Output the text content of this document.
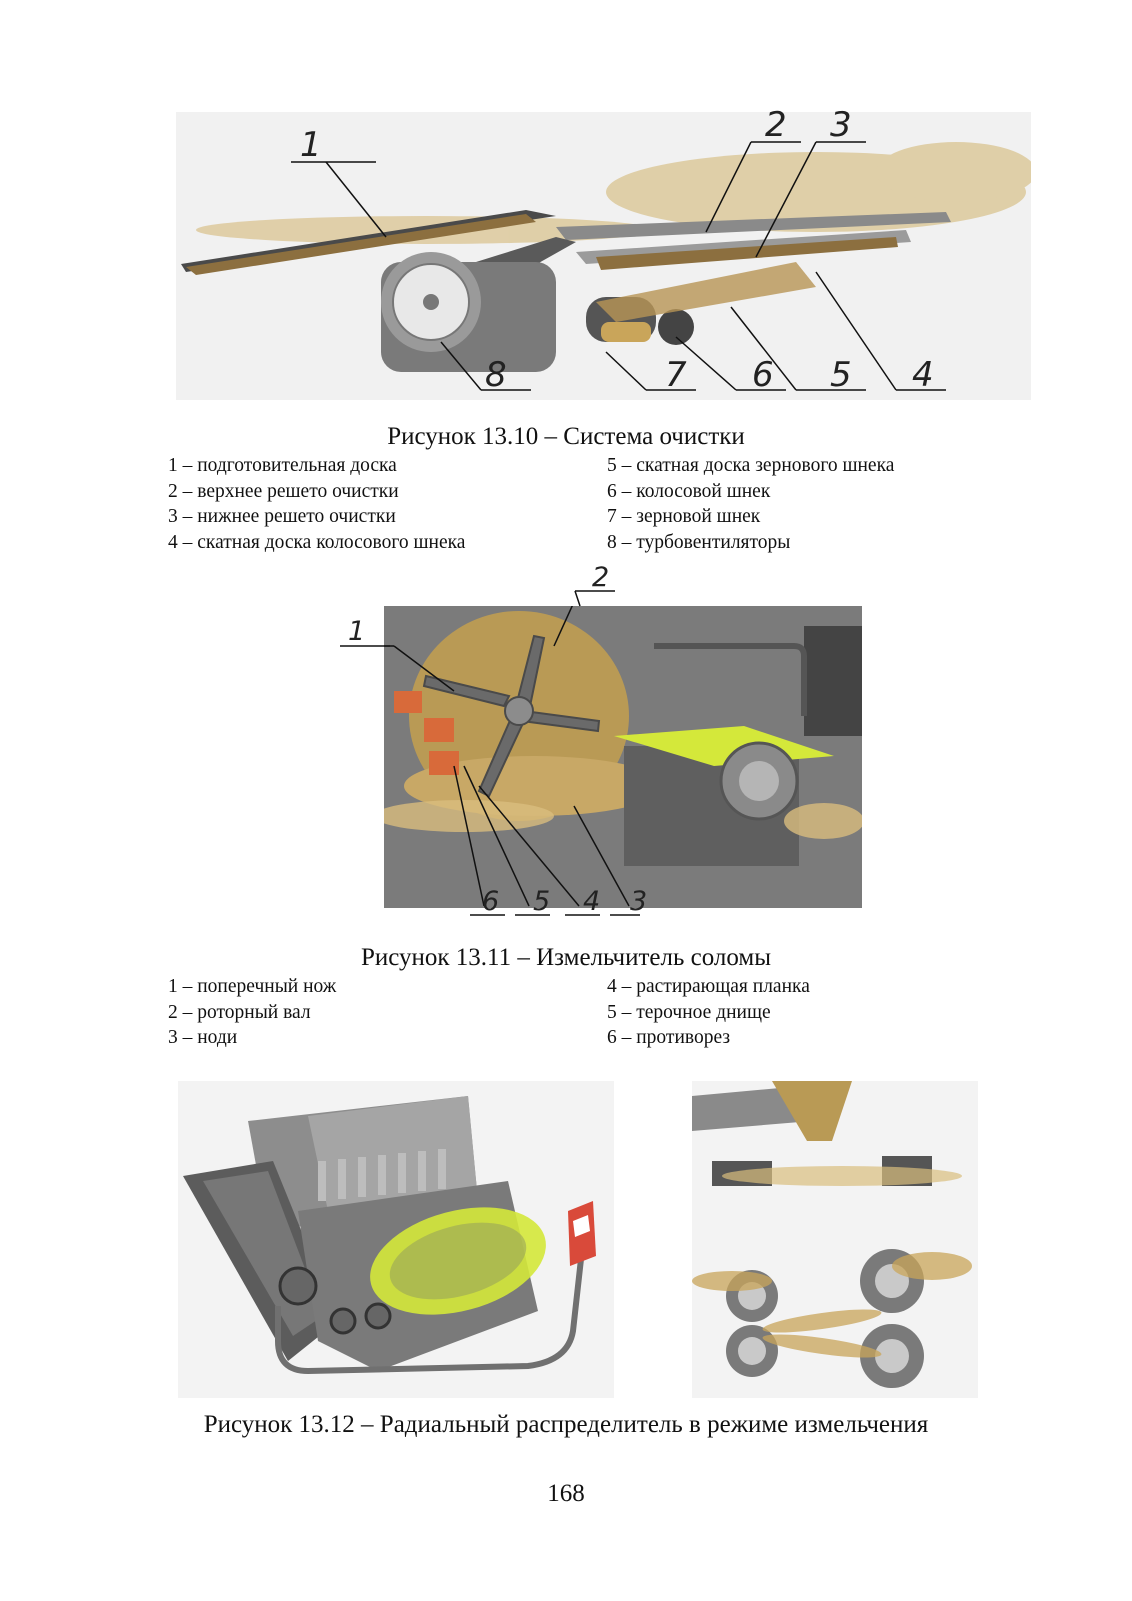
1	2 3
8	7 6 5 4
Рисунок 13.10 – Система очистки
1 – подготовительная доска
2 – верхнее решето очистки
3 – нижнее решето очистки
4 – скатная доска колосового шнека
5 – скатная доска зернового шнека
6 – колосовой шнек
7 – зерновой шнек
8 – турбовентиляторы
1
2
6 5 4 3
Рисунок 13.11 – Измельчитель соломы
1 – поперечный нож
2 – роторный вал
3 – ноди
4 – растирающая планка
5 – терочное днище
6 – противорез
Рисунок 13.12 – Радиальный распределитель в режиме измельчения
168
